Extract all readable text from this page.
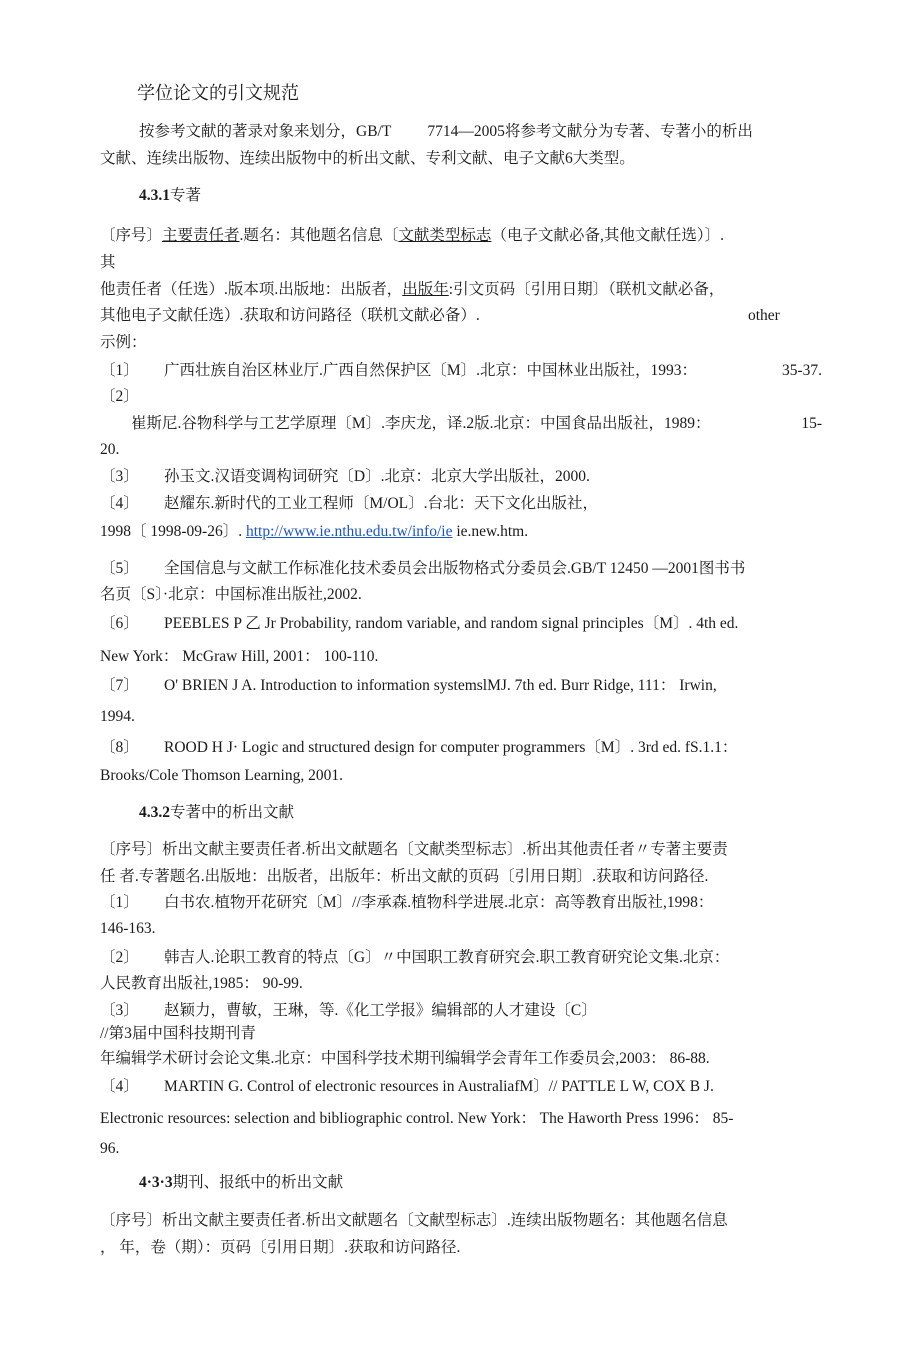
学位论文的引文规范
按参考文献的著录对象来划分，GB/T 7714—2005将参考文献分为专著、专著小的析出
文献、连续出版物、连续出版物中的析出文献、专利文献、电子文献6大类型。
4.3.1专著
〔序号〕主要责任者.题名：其他题名信息〔文献类型标志（电子文献必备,其他文献任选）〕.
其
他责任者（任选）.版本项.出版地：出版者，出版年:引文页码〔引用日期〕（联机文献必备，
其他电子文献任选）.获取和访问路径（联机文献必备）.	other
示例：
〔1〕 广西壮族自治区林业厅.广西自然保护区〔M〕.北京：中国林业出版社，1993：	35-37.
〔2〕
崔斯尼.谷物科学与工艺学原理〔M〕.李庆龙，译.2版.北京：中国食品出版社，1989：	15-
20.
〔3〕 孙玉文.汉语变调构词研究〔D〕.北京：北京大学出版社，2000.
〔4〕 赵耀东.新时代的工业工程师〔M/OL〕.台北：天下文化出版社，
1998〔 1998-09-26〕. http://www.ie.nthu.edu.tw/info/ie ie.new.htm.
〔5〕 全国信息与文献工作标准化技术委员会出版物格式分委员会.GB/T 12450 —2001图书书
名页〔S〕·北京：中国标准出版社,2002.
〔6〕 PEEBLES P 乙 Jr Probability, random variable, and random signal principles〔M〕. 4th ed.
New York： McGraw Hill, 2001： 100-110.
〔7〕 O' BRIEN J A. Introduction to information systemslMJ. 7th ed. Burr Ridge, 111： Irwin,
1994.
〔8〕 ROOD H J· Logic and structured design for computer programmers〔M〕. 3rd ed. fS.1.1：
Brooks/Cole Thomson Learning, 2001.
4.3.2专著中的析出文献
〔序号〕析出文献主要责任者.析出文献题名〔文献类型标志〕.析出其他责任者〃专著主要责
任 者.专著题名.出版地：出版者，出版年：析出文献的页码〔引用日期〕.获取和访问路径.
〔1〕 白书农.植物开花研究〔M〕//李承森.植物科学进展.北京：高等教育出版社,1998：
146-163.
〔2〕 韩吉人.论职工教育的特点〔G〕〃中国职工教育研究会.职工教育研究论文集.北京：
人民教育出版社,1985： 90-99.
〔3〕 赵颖力，曹敏，王琳，等.《化工学报》编辑部的人才建设〔C〕
//第3届中国科技期刊青
年编辑学术研讨会论文集.北京：中国科学技术期刊编辑学会青年工作委员会,2003： 86-88.
〔4〕 MARTIN G. Control of electronic resources in AustraliafM〕// PATTLE L W, COX B J.
Electronic resources: selection and bibliographic control. New York： The Haworth Press 1996： 85-
96.
4·3·3期刊、报纸中的析出文献
〔序号〕析出文献主要责任者.析出文献题名〔文献型标志〕.连续出版物题名：其他题名信息
， 年，卷（期）：页码〔引用日期〕.获取和访问路径.
